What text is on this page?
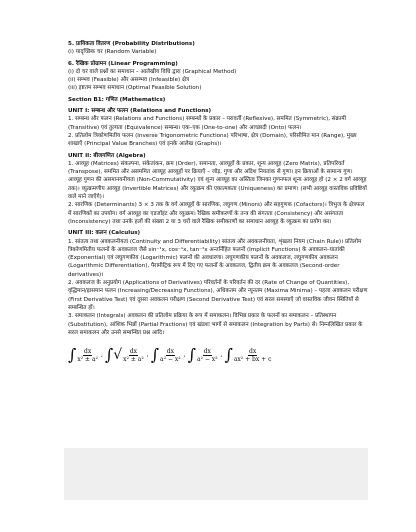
5. प्रायिकता वितरण (Probability Distributions)
(i) यादृच्छिक चर (Random Variable)
6. रैखिक प्रोग्रामन (Linear Programming)
(i) दो चर वाले प्रश्नों का समाधान – आलेखीय विधि द्वारा (Graphical Method)
(ii) सम्भव (Feasible) और असम्भव (Infeasible) क्षेत्र
(iii) इष्टतम सम्भव समाधान (Optimal Feasible Solution)
Section B1: गणित (Mathematics)
UNIT I: सम्बन्ध और फलन (Relations and Functions)
1. सम्बन्ध और फलन (Relations and Functions) सम्बन्धों के प्रकार – परावर्ती (Reflexive), सममित (Symmetric), संक्रामी (Transitive) एवं तुल्यता (Equivalence) सम्बन्ध। एक–एक (One-to-one) और आच्छादी (Onto) फलन।
2. प्रतिलोम त्रिकोणमितीय फलन (Inverse Trigonometric Functions) परिभाषा, क्षेत्र (Domain), परिसीमित मान (Range), मुख्य शाखाएँ (Principal Value Branches) एवं इनके आलेख (Graphs)।
UNIT II: बीजगणित (Algebra)
1. आव्यूह (Matrices) संकल्पना, संकेतांकन, क्रम (Order), समानता, आव्यूहों के प्रकार, शून्य आव्यूह (Zero Matrix), प्रतिपरिवर्त (Transpose), सममित और असममित आव्यूह आव्यूहों पर क्रियाएँ – जोड़, गुणा और अदिश नियतांक से गुणा। इन क्रियाओं के सामान्य गुण। आव्यूह गुणन की असमानयनीयता (Non-Commutativity) एवं शून्य आव्यूह का अस्तित्व जिनका गुणनफल शून्य आव्यूह हो (2 × 2 वर्ग आव्यूह तक)। व्युत्क्रमणीय आव्यूह (Invertible Matrices) और व्युत्क्रम की एकात्मकता (Uniqueness) का प्रमाण। (सभी आव्यूह वास्तविक प्रविष्टियों वाले माने जाएँगे)।
2. सारणिक (Determinants) 3 × 3 तक के वर्ग आव्यूहों के सारणिक, लघुगण (Minors) और सहगुणक (Cofactors)। त्रिभुज के क्षेत्रफल में सारणिकों का उपयोग। वर्ग आव्यूह का एडजॉइंट और व्युत्क्रम। रैखिक समीकरणों के तन्त्र की संगतता (Consistency) और असंगतता (Inconsistency) तथा उनके हलों की संख्या 2 या 3 चरों वाले रैखिक समीकरणों का समाधान आव्यूह के व्युत्क्रम का प्रयोग कर।
UNIT III: कलन (Calculus)
1. सांतत्य तथा अवकलनीयता (Continuity and Differentiability) सांतत्य और अवकलनीयता, शृंखला नियम (Chain Rule)। प्रतिलोम त्रिकोणमितीय फलनों के अवकलज जैसे sin⁻¹x, cos⁻¹x, tan⁻¹x अन्तर्निहित फलनों (Implicit Functions) के अवकलन–घातांकी (Exponential) एवं लघुगणकीय (Logarithmic) फलनों की अवधारणा। लघुगणकीय फलनों के अवकलज, लघुगणकीय अवकलन (Logarithmic Differentiation), पैरामीट्रिक रूप में दिए गए फलनों के अवकलज, द्वितीय क्रम के अवकलज (Second-order derivatives)।
2. अवकलज के अनुप्रयोग (Applications of Derivatives) परिवर्तनों के परिवर्तन की दर (Rate of Change of Quantities), वृद्धिमान/ह्रासमान फलन (Increasing/Decreasing Functions), अधिकतम और न्यूनतम (Maxima Minima) – पहला अवकलन परीक्षण (First Derivative Test) एवं दूसरा अवकलन परीक्षण (Second Derivative Test) एवं सरल समस्याएँ जो वास्तविक जीवन स्थितियों से सम्बन्धित हों।
3. समाकलन (Integrals) अवकलन की प्रतिलोम प्रक्रिया के रूप में समाकलन। विभिन्न प्रकार के फलनों का समाकलन – प्रतिस्थापन (Substitution), आंशिक भिन्नों (Partial Fractions) एवं खंडशः भागों से समाकलन (Integration by Parts) से। निम्नलिखित प्रकार के सरल समाकलन और उनसे सम्बन्धित प्रश्न आदि।
∫ $\frac{dx}{\text{x² ± a²}}$ , ∫ √ $\frac{dx}{\text{x² ± a²}}$ , ∫ $\frac{dx}{\text{a² − x²}}$ , ∫ $\frac{dx}{\text{a² − x²}}$ , ∫ $\frac{dx}{\text{ax² + bx + c}}$
